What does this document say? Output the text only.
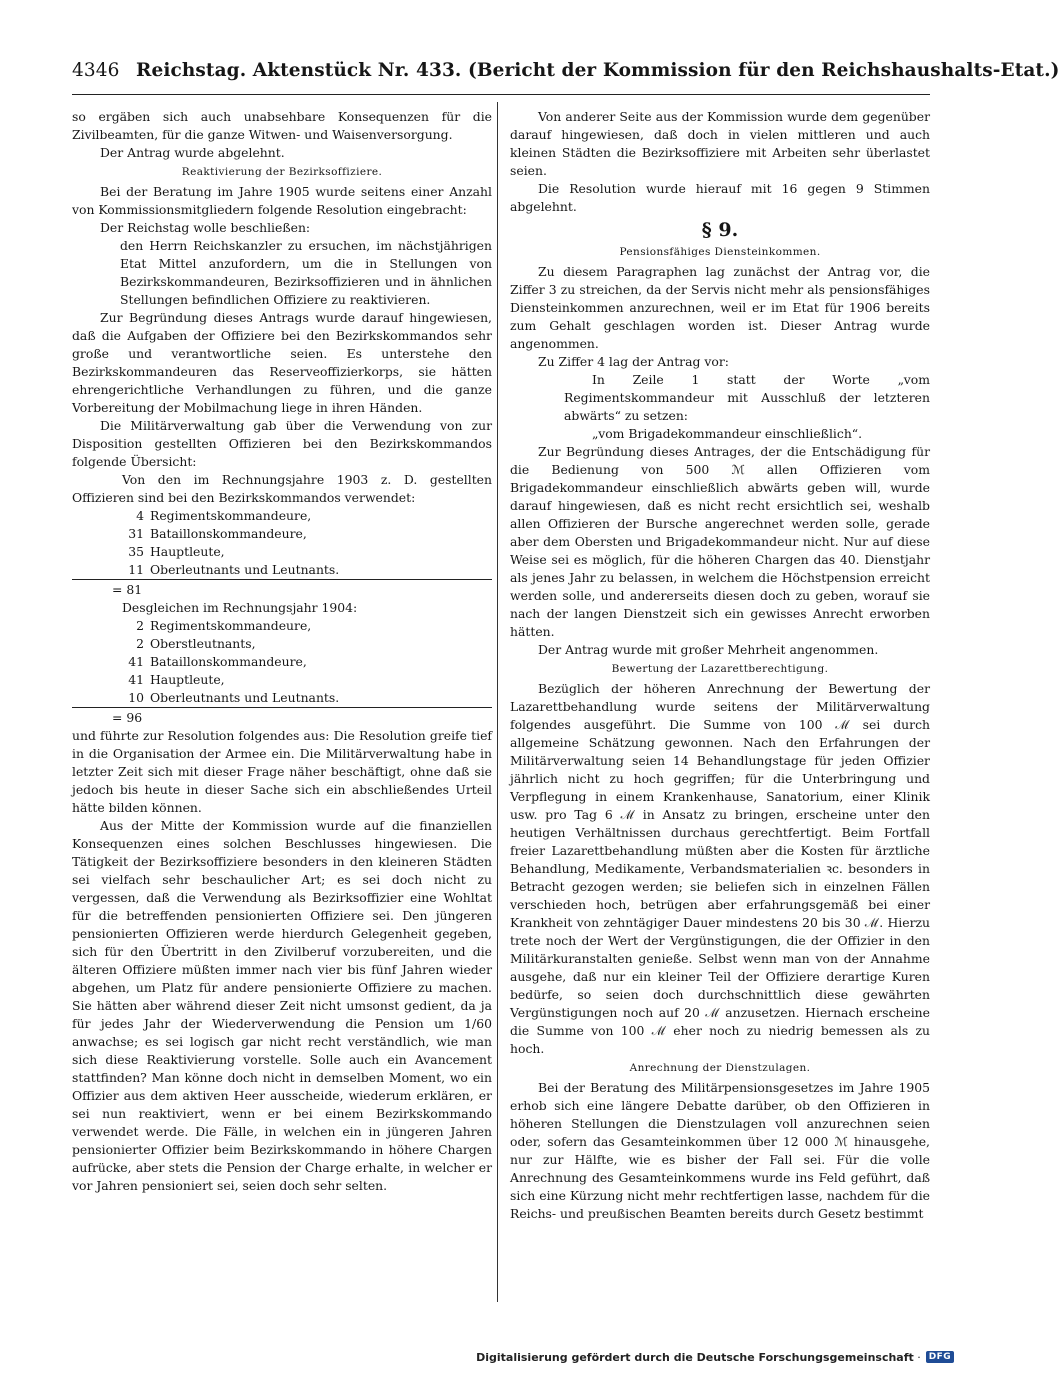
4346 Reichstag. Aktenstück Nr. 433. (Bericht der Kommission für den Reichshaushalts-Etat.)

so ergäben sich auch unabsehbare Konsequenzen für die Zivilbeamten, für die ganze Witwen- und Waisenversorgung.

Der Antrag wurde abgelehnt.

Reaktivierung der Bezirksoffiziere.

Bei der Beratung im Jahre 1905 wurde seitens einer Anzahl von Kommissionsmitgliedern folgende Resolution eingebracht:

Der Reichstag wolle beschließen:

den Herrn Reichskanzler zu ersuchen, im nächstjährigen Etat Mittel anzufordern, um die in Stellungen von Bezirkskommandeuren, Bezirksoffizieren und in ähnlichen Stellungen befindlichen Offiziere zu reaktivieren.

Zur Begründung dieses Antrags wurde darauf hingewiesen, daß die Aufgaben der Offiziere bei den Bezirkskommandos sehr große und verantwortliche seien. Es unterstehe den Bezirkskommandeuren das Reserveoffizierkorps, sie hätten ehrengerichtliche Verhandlungen zu führen, und die ganze Vorbereitung der Mobilmachung liege in ihren Händen.

Die Militärverwaltung gab über die Verwendung von zur Disposition gestellten Offizieren bei den Bezirkskommandos folgende Übersicht:

Von den im Rechnungsjahre 1903 z. D. gestellten Offizieren sind bei den Bezirkskommandos verwendet:

4 Regimentskommandeure,
31 Bataillonskommandeure,
35 Hauptleute,
11 Oberleutnants und Leutnants.
= 81

Desgleichen im Rechnungsjahr 1904:

2 Regimentskommandeure,
2 Oberstleutnants,
41 Bataillonskommandeure,
41 Hauptleute,
10 Oberleutnants und Leutnants.
= 96

und führte zur Resolution folgendes aus: Die Resolution greife tief in die Organisation der Armee ein. Die Militärverwaltung habe in letzter Zeit sich mit dieser Frage näher beschäftigt, ohne daß sie jedoch bis heute in dieser Sache sich ein abschließendes Urteil hätte bilden können.

Aus der Mitte der Kommission wurde auf die finanziellen Konsequenzen eines solchen Beschlusses hingewiesen. Die Tätigkeit der Bezirksoffiziere besonders in den kleineren Städten sei vielfach sehr beschaulicher Art; es sei doch nicht zu vergessen, daß die Verwendung als Bezirksoffizier eine Wohltat für die betreffenden pensionierten Offiziere sei. Den jüngeren pensionierten Offizieren werde hierdurch Gelegenheit gegeben, sich für den Übertritt in den Zivilberuf vorzubereiten, und die älteren Offiziere müßten immer nach vier bis fünf Jahren wieder abgehen, um Platz für andere pensionierte Offiziere zu machen. Sie hätten aber während dieser Zeit nicht umsonst gedient, da ja für jedes Jahr der Wiederverwendung die Pension um 1/60 anwachse; es sei logisch gar nicht recht verständlich, wie man sich diese Reaktivierung vorstelle. Solle auch ein Avancement stattfinden? Man könne doch nicht in demselben Moment, wo ein Offizier aus dem aktiven Heer ausscheide, wiederum erklären, er sei nun reaktiviert, wenn er bei einem Bezirkskommando verwendet werde. Die Fälle, in welchen ein in jüngeren Jahren pensionierter Offizier beim Bezirkskommando in höhere Chargen aufrücke, aber stets die Pension der Charge erhalte, in welcher er vor Jahren pensioniert sei, seien doch sehr selten.

Von anderer Seite aus der Kommission wurde dem gegenüber darauf hingewiesen, daß doch in vielen mittleren und auch kleinen Städten die Bezirksoffiziere mit Arbeiten sehr überlastet seien.

Die Resolution wurde hierauf mit 16 gegen 9 Stimmen abgelehnt.

§ 9.

Pensionsfähiges Diensteinkommen.

Zu diesem Paragraphen lag zunächst der Antrag vor, die Ziffer 3 zu streichen, da der Servis nicht mehr als pensionsfähiges Diensteinkommen anzurechnen, weil er im Etat für 1906 bereits zum Gehalt geschlagen worden ist. Dieser Antrag wurde angenommen.

Zu Ziffer 4 lag der Antrag vor:

In Zeile 1 statt der Worte „vom Regimentskommandeur mit Ausschluß der letzteren abwärts“ zu setzen:

„vom Brigadekommandeur einschließlich“.

Zur Begründung dieses Antrages, der die Entschädigung für die Bedienung von 500 ℳ allen Offizieren vom Brigadekommandeur einschließlich abwärts geben will, wurde darauf hingewiesen, daß es nicht recht ersichtlich sei, weshalb allen Offizieren der Bursche angerechnet werden solle, gerade aber dem Obersten und Brigadekommandeur nicht. Nur auf diese Weise sei es möglich, für die höheren Chargen das 40. Dienstjahr als jenes Jahr zu belassen, in welchem die Höchstpension erreicht werden solle, und andererseits diesen doch zu geben, worauf sie nach der langen Dienstzeit sich ein gewisses Anrecht erworben hätten.

Der Antrag wurde mit großer Mehrheit angenommen.

Bewertung der Lazarettberechtigung.

Bezüglich der höheren Anrechnung der Bewertung der Lazarettbehandlung wurde seitens der Militärverwaltung folgendes ausgeführt. Die Summe von 100 ℳ sei durch allgemeine Schätzung gewonnen. Nach den Erfahrungen der Militärverwaltung seien 14 Behandlungstage für jeden Offizier jährlich nicht zu hoch gegriffen; für die Unterbringung und Verpflegung in einem Krankenhause, Sanatorium, einer Klinik usw. pro Tag 6 ℳ in Ansatz zu bringen, erscheine unter den heutigen Verhältnissen durchaus gerechtfertigt. Beim Fortfall freier Lazarettbehandlung müßten aber die Kosten für ärztliche Behandlung, Medikamente, Verbandsmaterialien ꝛc. besonders in Betracht gezogen werden; sie beliefen sich in einzelnen Fällen verschieden hoch, betrügen aber erfahrungsgemäß bei einer Krankheit von zehntägiger Dauer mindestens 20 bis 30 ℳ. Hierzu trete noch der Wert der Vergünstigungen, die der Offizier in den Militärkuranstalten genieße. Selbst wenn man von der Annahme ausgehe, daß nur ein kleiner Teil der Offiziere derartige Kuren bedürfe, so seien doch durchschnittlich diese gewährten Vergünstigungen noch auf 20 ℳ anzusetzen. Hiernach erscheine die Summe von 100 ℳ eher noch zu niedrig bemessen als zu hoch.

Anrechnung der Dienstzulagen.

Bei der Beratung des Militärpensionsgesetzes im Jahre 1905 erhob sich eine längere Debatte darüber, ob den Offizieren in höheren Stellungen die Dienstzulagen voll anzurechnen seien oder, sofern das Gesamteinkommen über 12 000 ℳ hinausgehe, nur zur Hälfte, wie es bisher der Fall sei. Für die volle Anrechnung des Gesamteinkommens wurde ins Feld geführt, daß sich eine Kürzung nicht mehr rechtfertigen lasse, nachdem für die Reichs- und preußischen Beamten bereits durch Gesetz bestimmt

Digitalisierung gefördert durch die Deutsche Forschungsgemeinschaft · DFG
